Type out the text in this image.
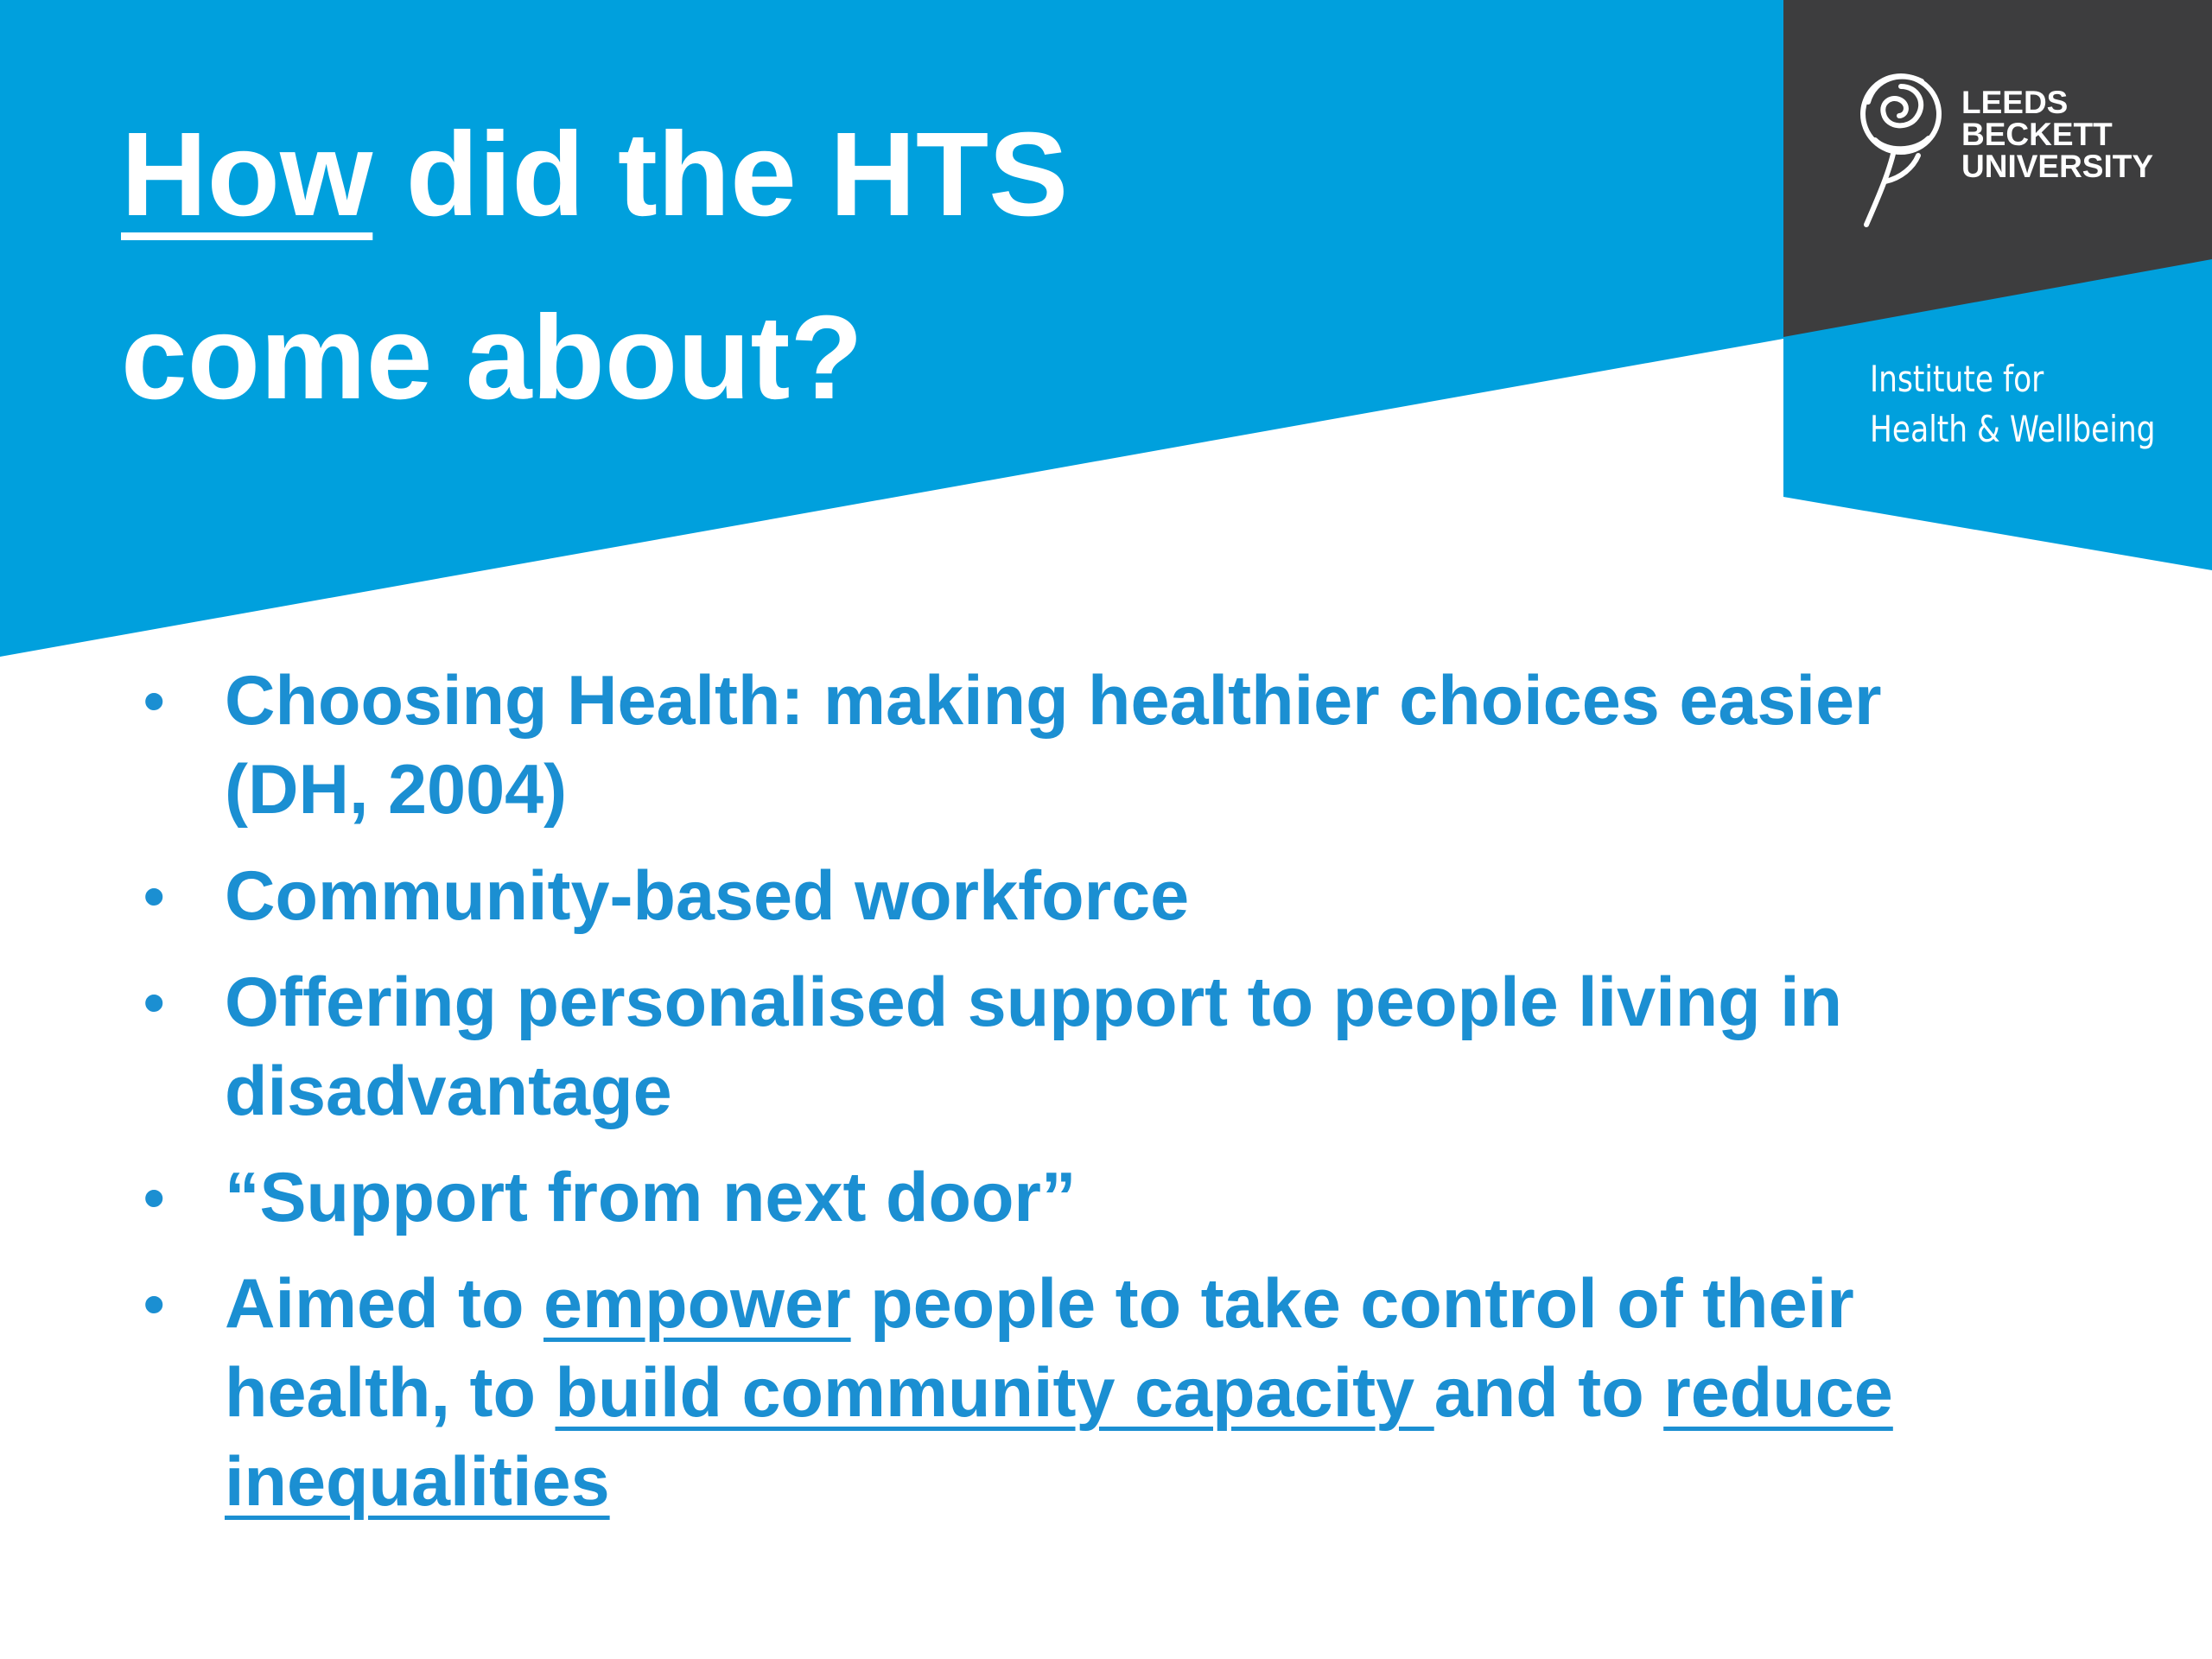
How did the HTS
come about?
LEEDS
BECKETT
UNIVERSITY
Institute for
Health & Wellbeing
• Choosing Health: making healthier choices easier (DH, 2004)
• Community-based workforce
• Offering personalised support to people living in disadvantage
• “Support from next door”
• Aimed to empower people to take control of their health, to build community capacity and to reduce inequalities
